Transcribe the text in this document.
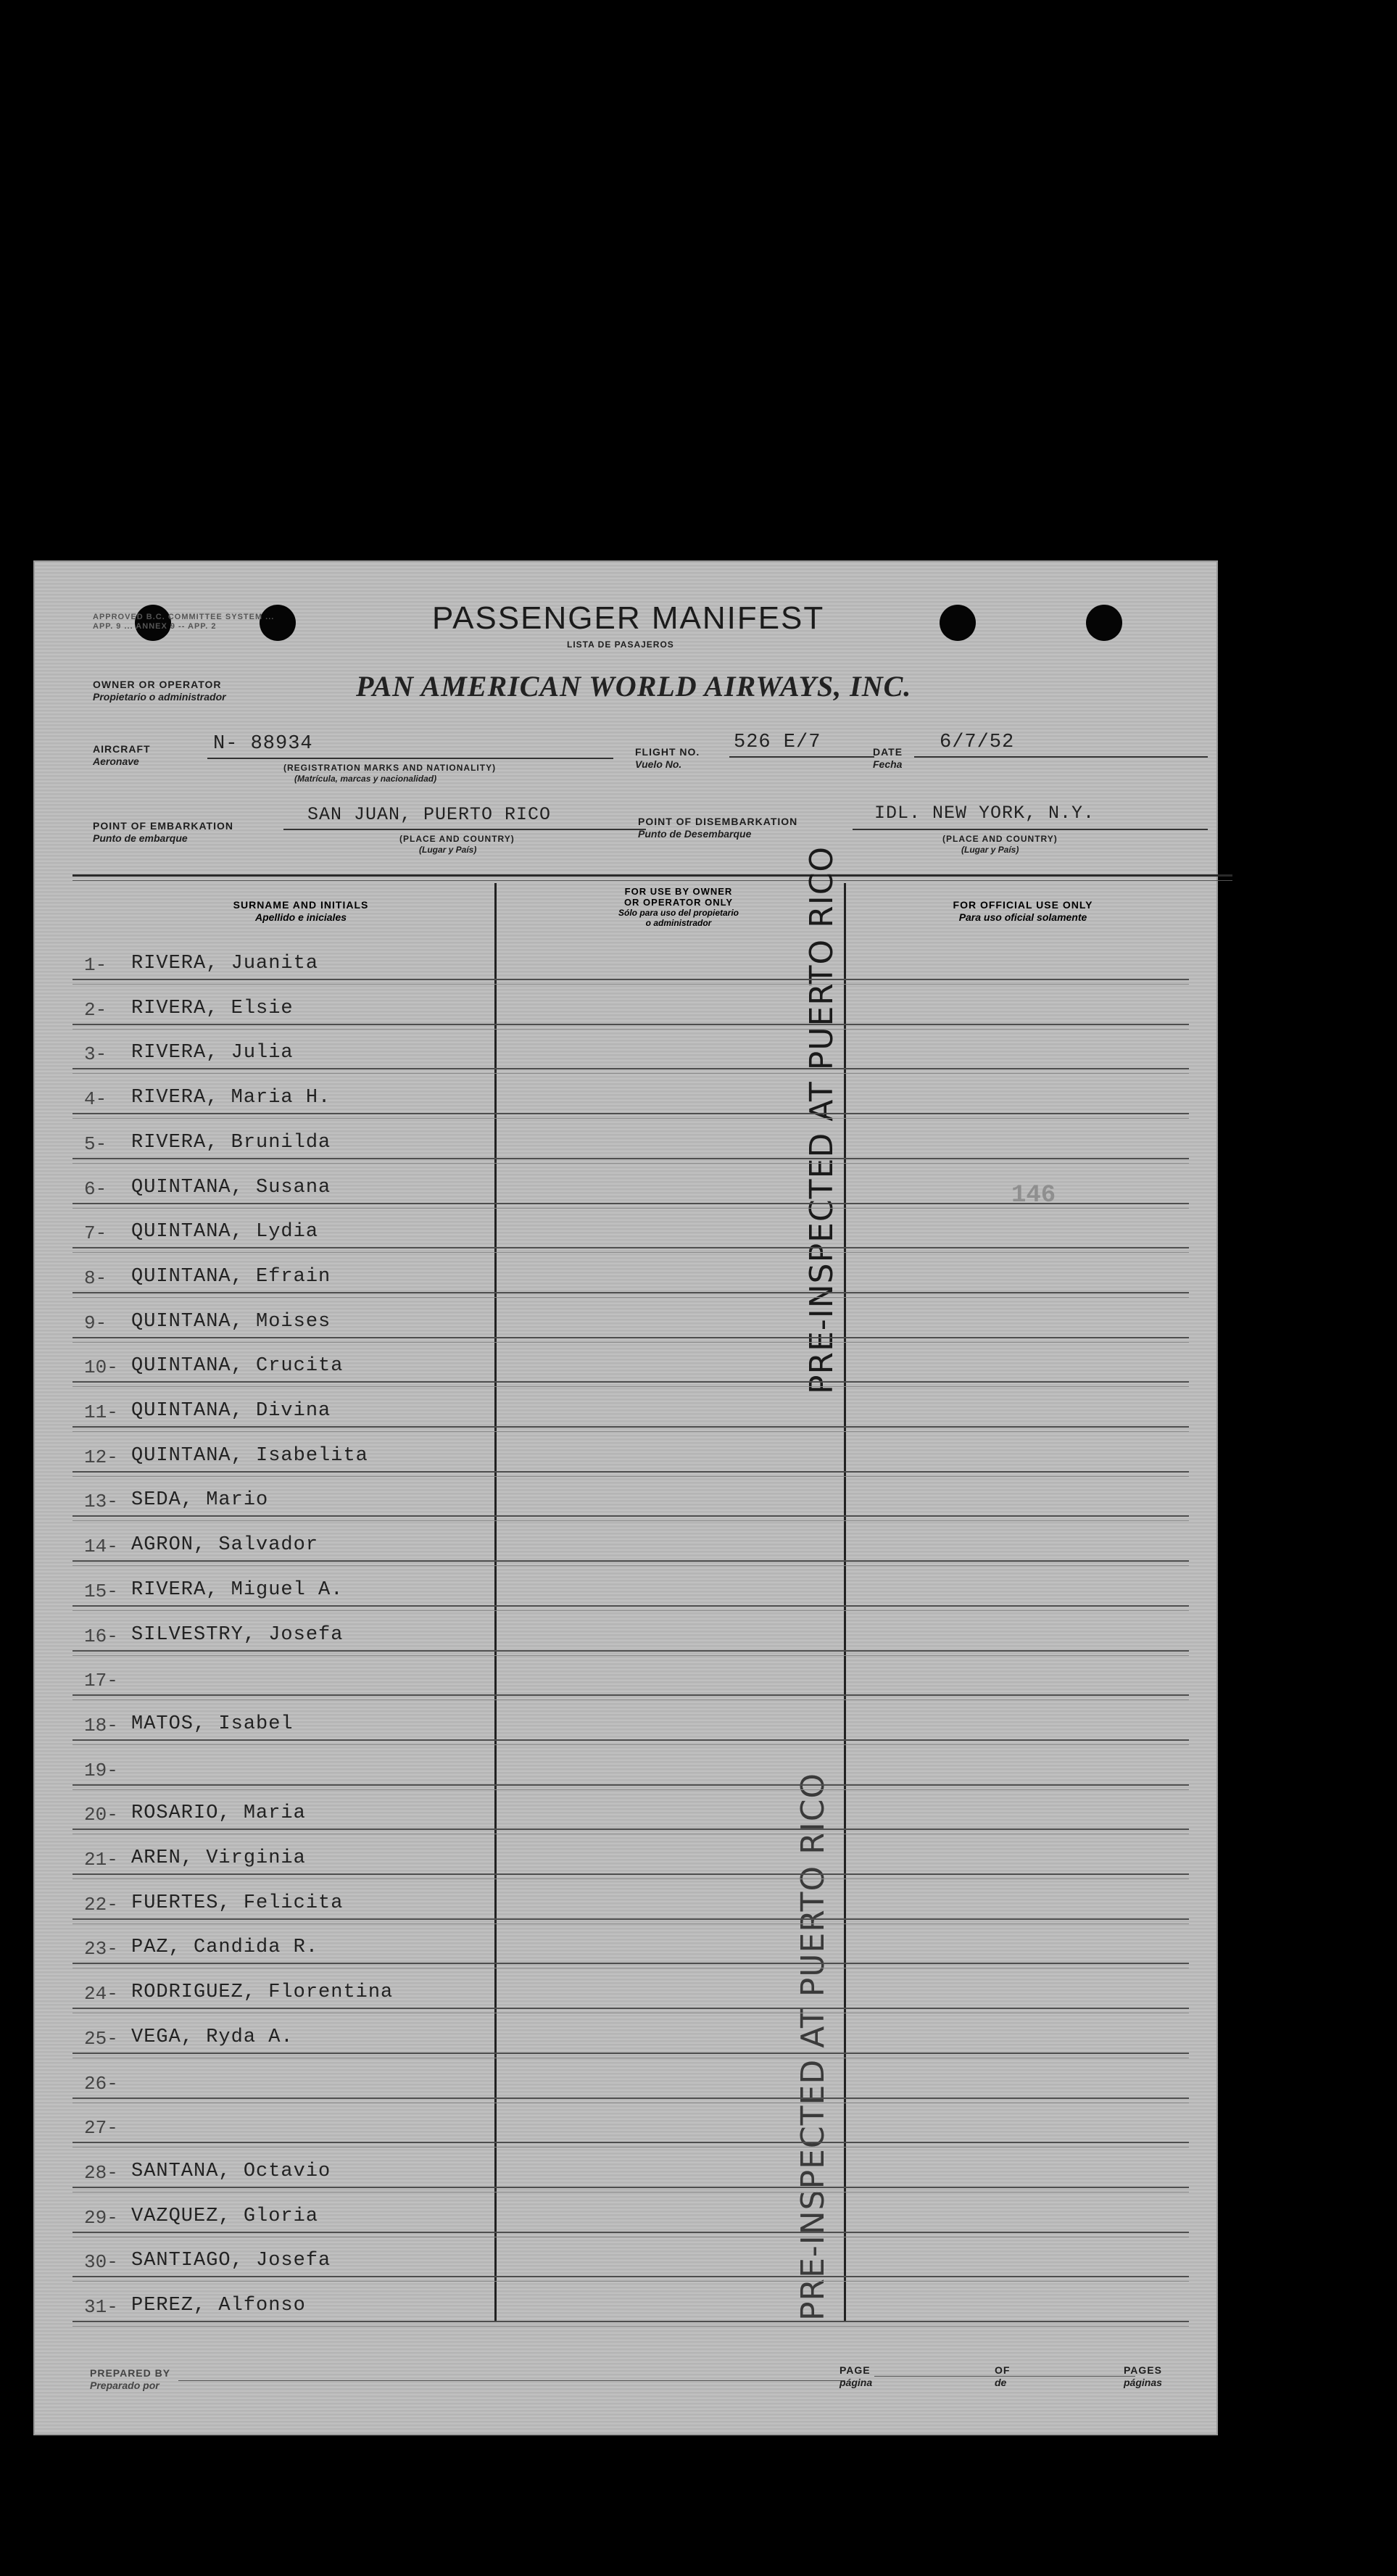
APPROVED B.C. COMMITTEE SYSTEM ... APP. 9 ... ANNEX 9 -- APP. 2	PASSENGER MANIFEST
LISTA DE PASAJEROS
OWNER OR OPERATOR
Propietario o administrador	PAN AMERICAN WORLD AIRWAYS, INC.
AIRCRAFT
Aeronave
N- 88934
(REGISTRATION MARKS AND NATIONALITY)
(Matrícula, marcas y nacionalidad)
FLIGHT NO.
Vuelo No.
526 E/7	DATE
Fecha
6/7/52
POINT OF EMBARKATION
Punto de embarque
SAN JUAN, PUERTO RICO
(PLACE AND COUNTRY)
(Lugar y País)
POINT OF DISEMBARKATION
Punto de Desembarque
IDL. NEW YORK, N.Y.
(PLACE AND COUNTRY)
(Lugar y País)
SURNAME AND INITIALS
Apellido e iniciales
FOR USE BY OWNER
OR OPERATOR ONLY
Sólo para uso del propietario
o administrador
FOR OFFICIAL USE ONLY
Para uso oficial solamente
PRE-INSPECTED AT PUERTO RICO
PRE-INSPECTED AT PUERTO RICO
146
1-	RIVERA, Juanita
2-	RIVERA, Elsie
3-	RIVERA, Julia
4-	RIVERA, Maria H.
5-	RIVERA, Brunilda
6-	QUINTANA, Susana
7-	QUINTANA, Lydia
8-	QUINTANA, Efrain
9-	QUINTANA, Moises
10- QUINTANA, Crucita
11- QUINTANA, Divina
12- QUINTANA, Isabelita
13- SEDA, Mario
14- AGRON, Salvador
15- RIVERA, Miguel A.
16- SILVESTRY, Josefa
17-
18- MATOS, Isabel
19-
20- ROSARIO, Maria
21- AREN, Virginia
22- FUERTES, Felicita
23- PAZ, Candida R.
24- RODRIGUEZ, Florentina
25- VEGA, Ryda A.
26-
27-
28- SANTANA, Octavio
29- VAZQUEZ, Gloria
30- SANTIAGO, Josefa
31- PEREZ, Alfonso
PREPARED BY
Preparado por
PAGE
página
OF
de
PAGES
páginas
